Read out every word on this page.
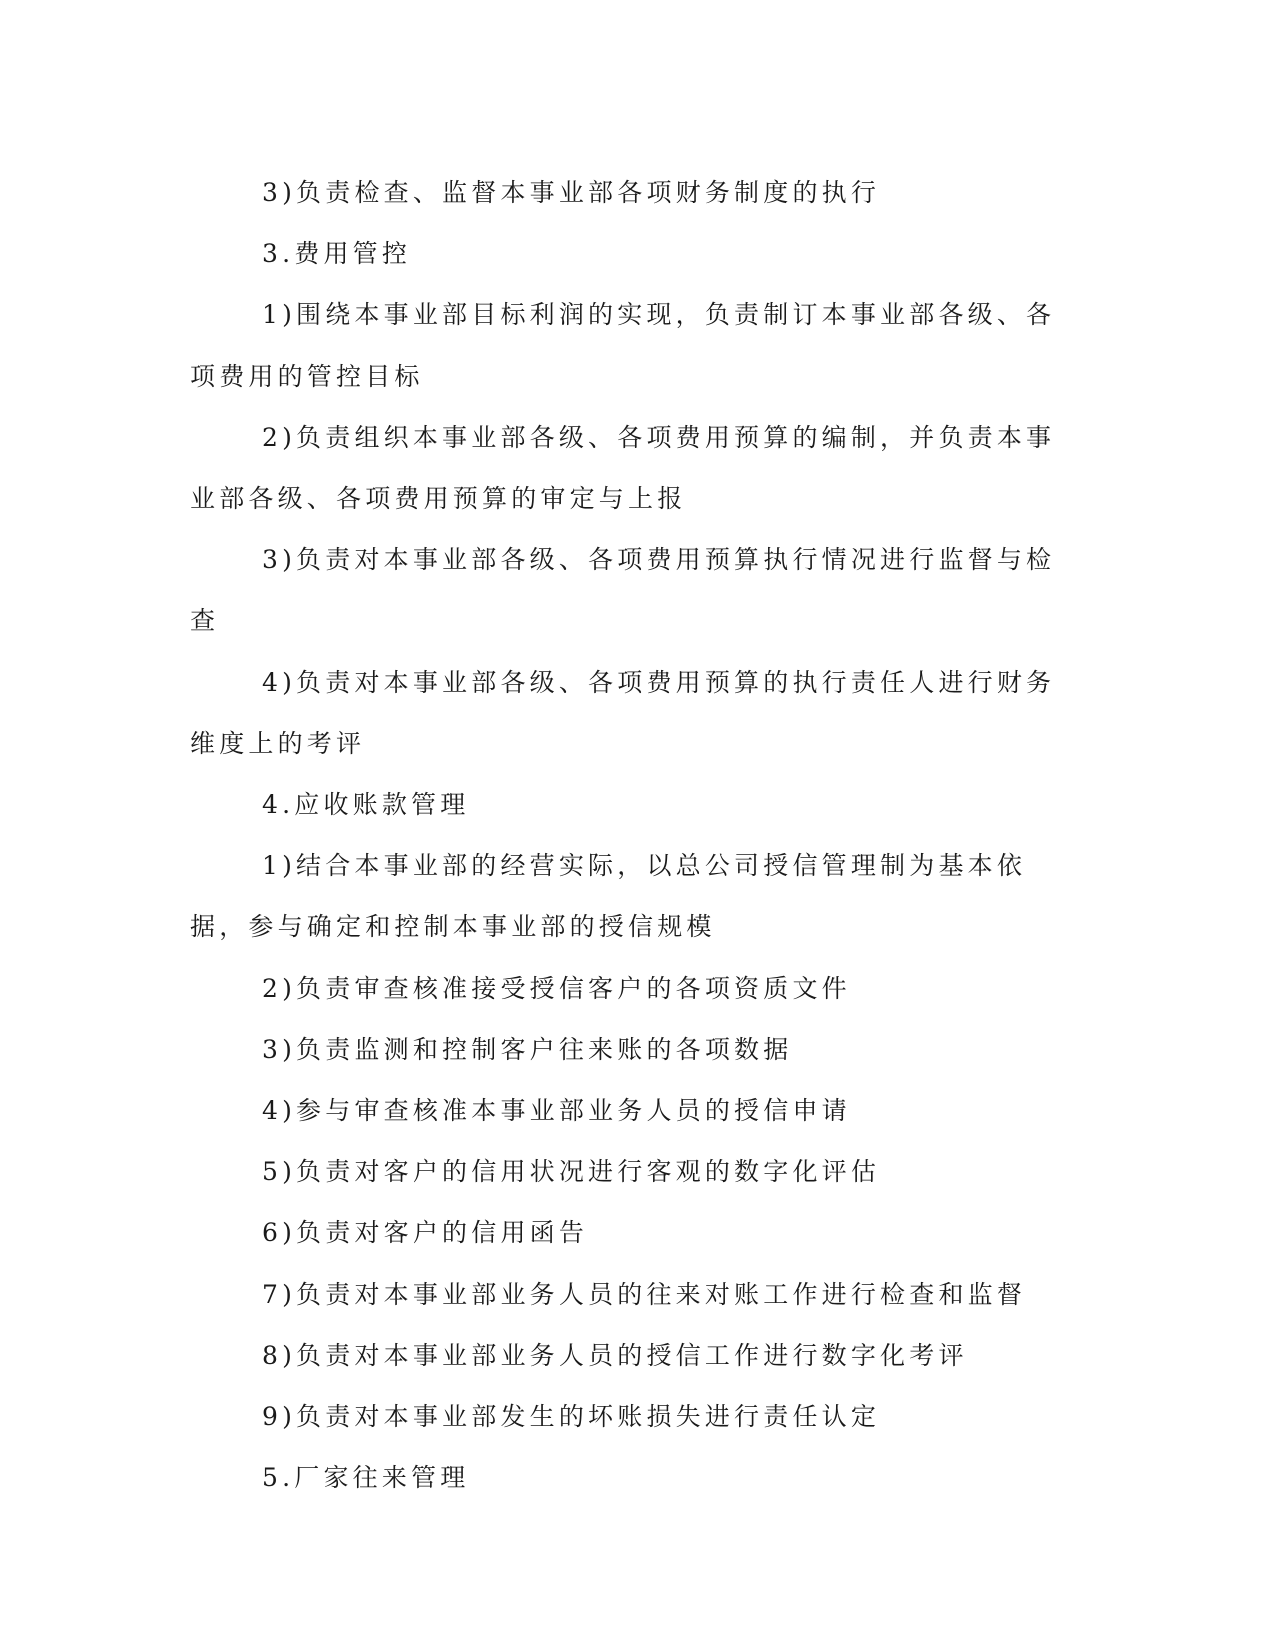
3)负责检查、监督本事业部各项财务制度的执行

3.费用管控

1)围绕本事业部目标利润的实现，负责制订本事业部各级、各项费用的管控目标

2)负责组织本事业部各级、各项费用预算的编制，并负责本事业部各级、各项费用预算的审定与上报

3)负责对本事业部各级、各项费用预算执行情况进行监督与检查

4)负责对本事业部各级、各项费用预算的执行责任人进行财务维度上的考评

4.应收账款管理

1)结合本事业部的经营实际，以总公司授信管理制为基本依据，参与确定和控制本事业部的授信规模

2)负责审查核准接受授信客户的各项资质文件

3)负责监测和控制客户往来账的各项数据

4)参与审查核准本事业部业务人员的授信申请

5)负责对客户的信用状况进行客观的数字化评估

6)负责对客户的信用函告

7)负责对本事业部业务人员的往来对账工作进行检查和监督

8)负责对本事业部业务人员的授信工作进行数字化考评

9)负责对本事业部发生的坏账损失进行责任认定

5.厂家往来管理
